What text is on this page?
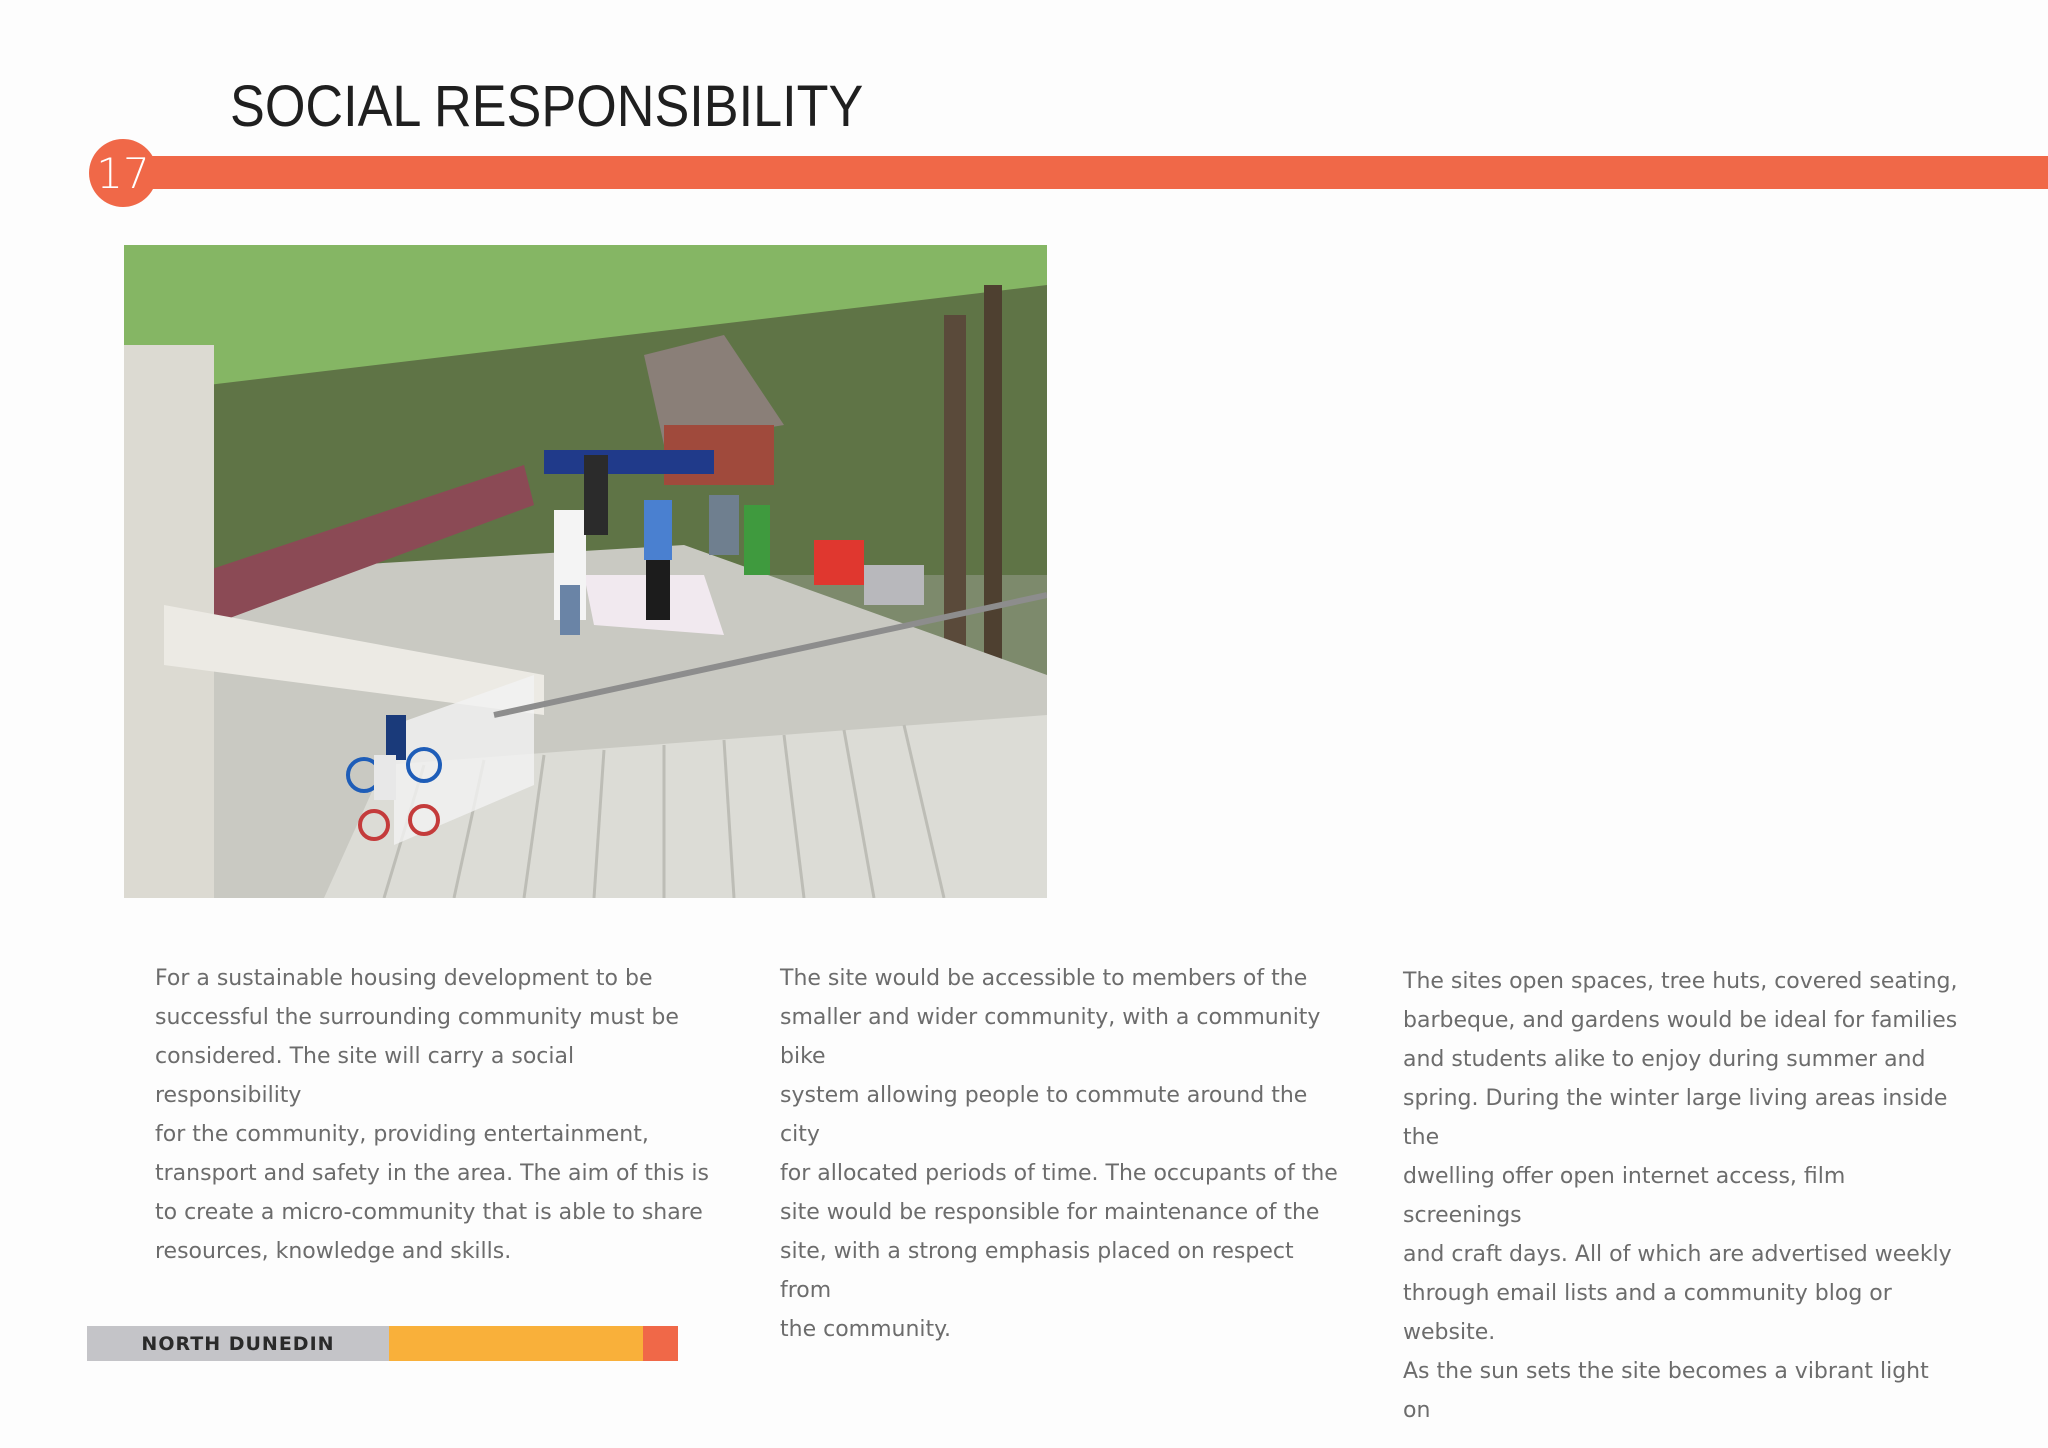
SOCIAL RESPONSIBILITY
17
For a sustainable housing development to be
successful the surrounding community must be
considered. The site will carry a social responsibility
for the community, providing entertainment,
transport and safety in the area. The aim of this is
to create a micro-community that is able to share
resources, knowledge and skills.
The site would be accessible to members of the
smaller and wider community, with a community bike
system allowing people to commute around the city
for allocated periods of time. The occupants of the
site would be responsible for maintenance of the
site, with a strong emphasis placed on respect from
the community.
The sites open spaces, tree huts, covered seating,
barbeque, and gardens would be ideal for families
and students alike to enjoy during summer and
spring. During the winter large living areas inside the
dwelling offer open internet access, film screenings
and craft days. All of which are advertised weekly
through email lists and a community blog or website.
As the sun sets the site becomes a vibrant light on
NORTH DUNEDIN
